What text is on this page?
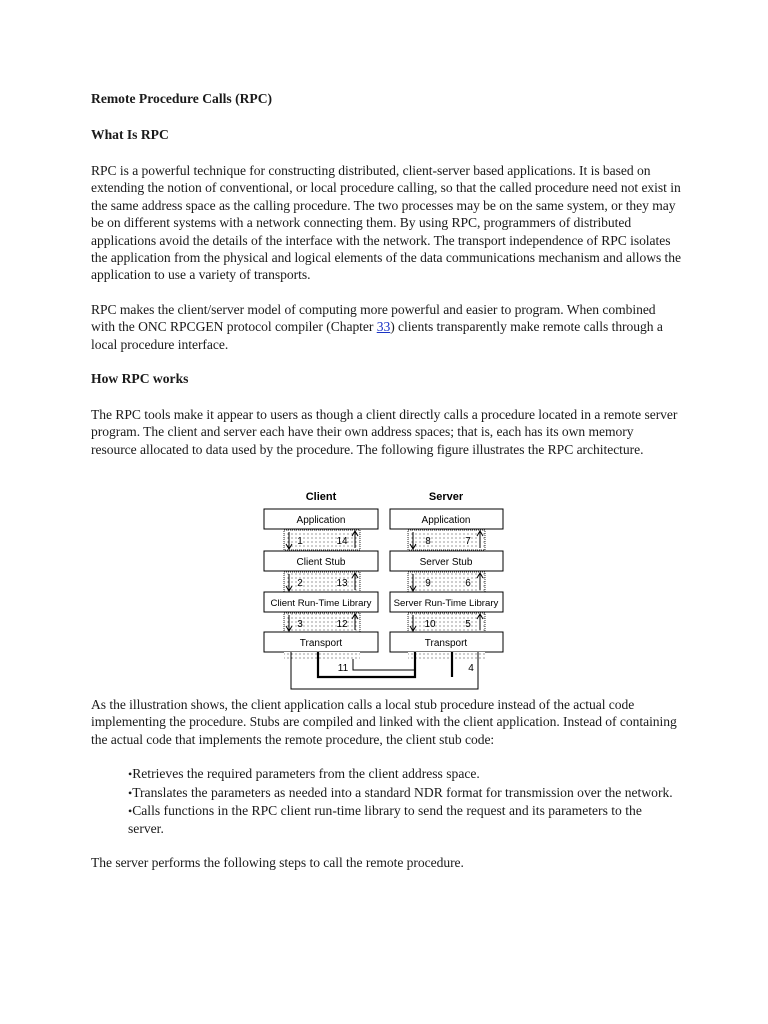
Remote Procedure Calls (RPC)
What Is RPC

RPC is a powerful technique for constructing distributed, client-server based applications. It is based on extending the notion of conventional, or local procedure calling, so that the called procedure need not exist in the same address space as the calling procedure. The two processes may be on the same system, or they may be on different systems with a network connecting them. By using RPC, programmers of distributed applications avoid the details of the interface with the network. The transport independence of RPC isolates the application from the physical and logical elements of the data communications mechanism and allows the application to use a variety of transports.

RPC makes the client/server model of computing more powerful and easier to program. When combined with the ONC RPCGEN protocol compiler (Chapter 33) clients transparently make remote calls through a local procedure interface.

How RPC works

The RPC tools make it appear to users as though a client directly calls a procedure located in a remote server program. The client and server each have their own address spaces; that is, each has its own memory resource allocated to data used by the procedure. The following figure illustrates the RPC architecture.

Client	Server
Application
1	14
Client Stub
2	13
Client Run-Time Library
3	12
Transport
Application
8	7
Server Stub
9	6
Server Run-Time Library
10	5
Transport
11	4

As the illustration shows, the client application calls a local stub procedure instead of the actual code implementing the procedure. Stubs are compiled and linked with the client application. Instead of containing the actual code that implements the remote procedure, the client stub code:

•Retrieves the required parameters from the client address space.
•Translates the parameters as needed into a standard NDR format for transmission over the network.
•Calls functions in the RPC client run-time library to send the request and its parameters to the server.

The server performs the following steps to call the remote procedure.
